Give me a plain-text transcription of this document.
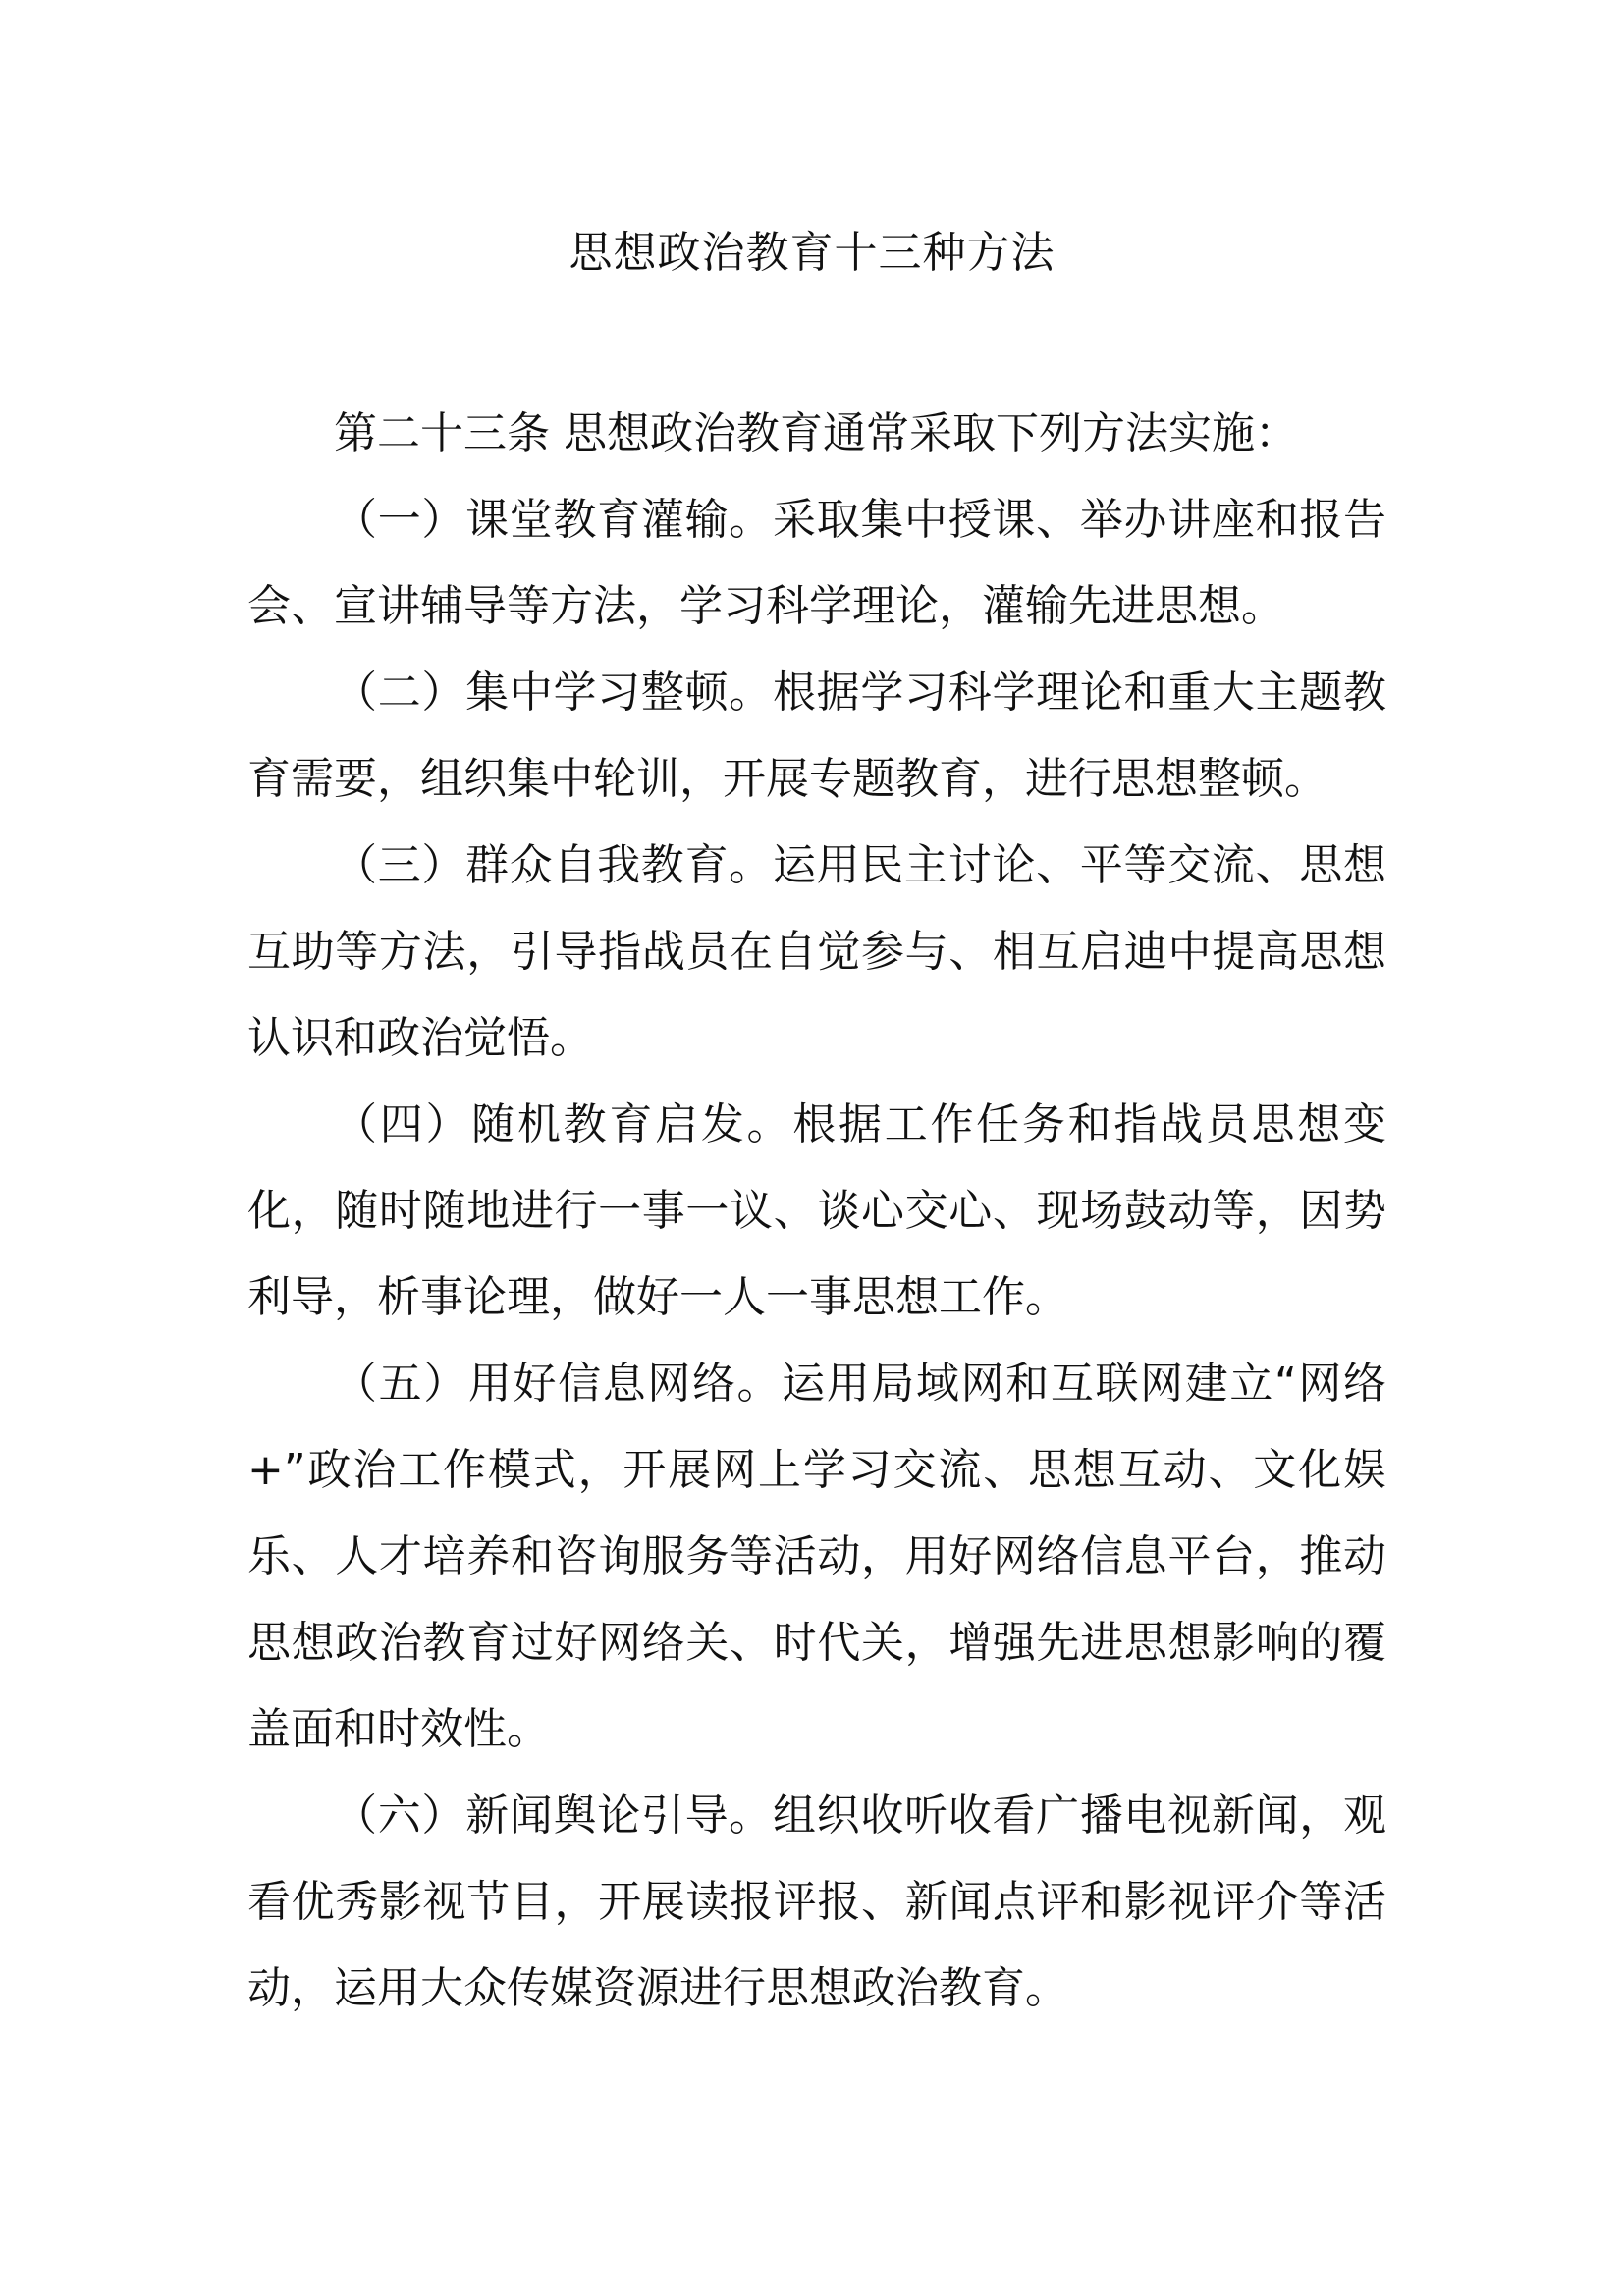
思想政治教育十三种方法

第二十三条 思想政治教育通常采取下列方法实施：

（一）课堂教育灌输。采取集中授课、举办讲座和报告会、宣讲辅导等方法，学习科学理论，灌输先进思想。

（二）集中学习整顿。根据学习科学理论和重大主题教育需要，组织集中轮训，开展专题教育，进行思想整顿。

（三）群众自我教育。运用民主讨论、平等交流、思想互助等方法，引导指战员在自觉参与、相互启迪中提高思想认识和政治觉悟。

（四）随机教育启发。根据工作任务和指战员思想变化，随时随地进行一事一议、谈心交心、现场鼓动等，因势利导，析事论理，做好一人一事思想工作。

（五）用好信息网络。运用局域网和互联网建立“网络+”政治工作模式，开展网上学习交流、思想互动、文化娱乐、人才培养和咨询服务等活动，用好网络信息平台，推动思想政治教育过好网络关、时代关，增强先进思想影响的覆盖面和时效性。

（六）新闻舆论引导。组织收听收看广播电视新闻，观看优秀影视节目，开展读报评报、新闻点评和影视评介等活动，运用大众传媒资源进行思想政治教育。
